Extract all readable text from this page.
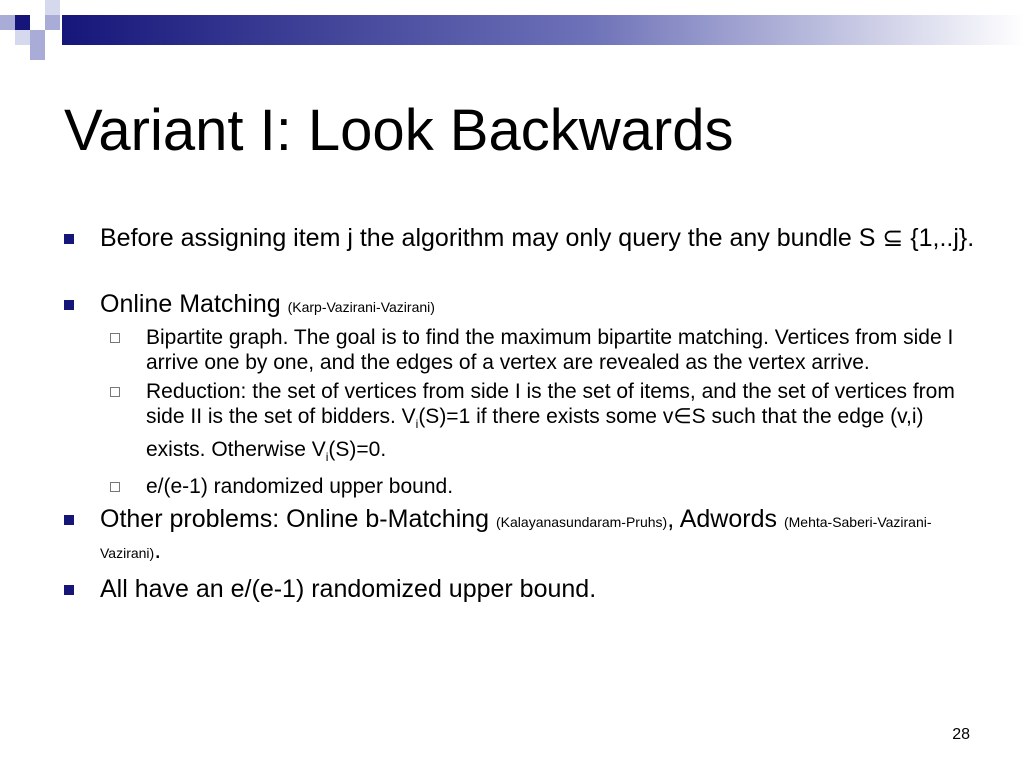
Variant I: Look Backwards
Before assigning item j the algorithm may only query the any bundle S ⊆ {1,..j}.
Online Matching (Karp-Vazirani-Vazirani)
Bipartite graph. The goal is to find the maximum bipartite matching. Vertices from side I arrive one by one, and the edges of a vertex are revealed as the vertex arrive.
Reduction: the set of vertices from side I is the set of items, and the set of vertices from side II is the set of bidders. $V_i(S)=1$ if there exists some v∈S such that the edge (v,i) exists. Otherwise $V_i(S)=0$.
e/(e-1) randomized upper bound.
Other problems: Online b-Matching (Kalayanasundaram-Pruhs), Adwords (Mehta-Saberi-Vazirani-Vazirani).
All have an e/(e-1) randomized upper bound.
28
